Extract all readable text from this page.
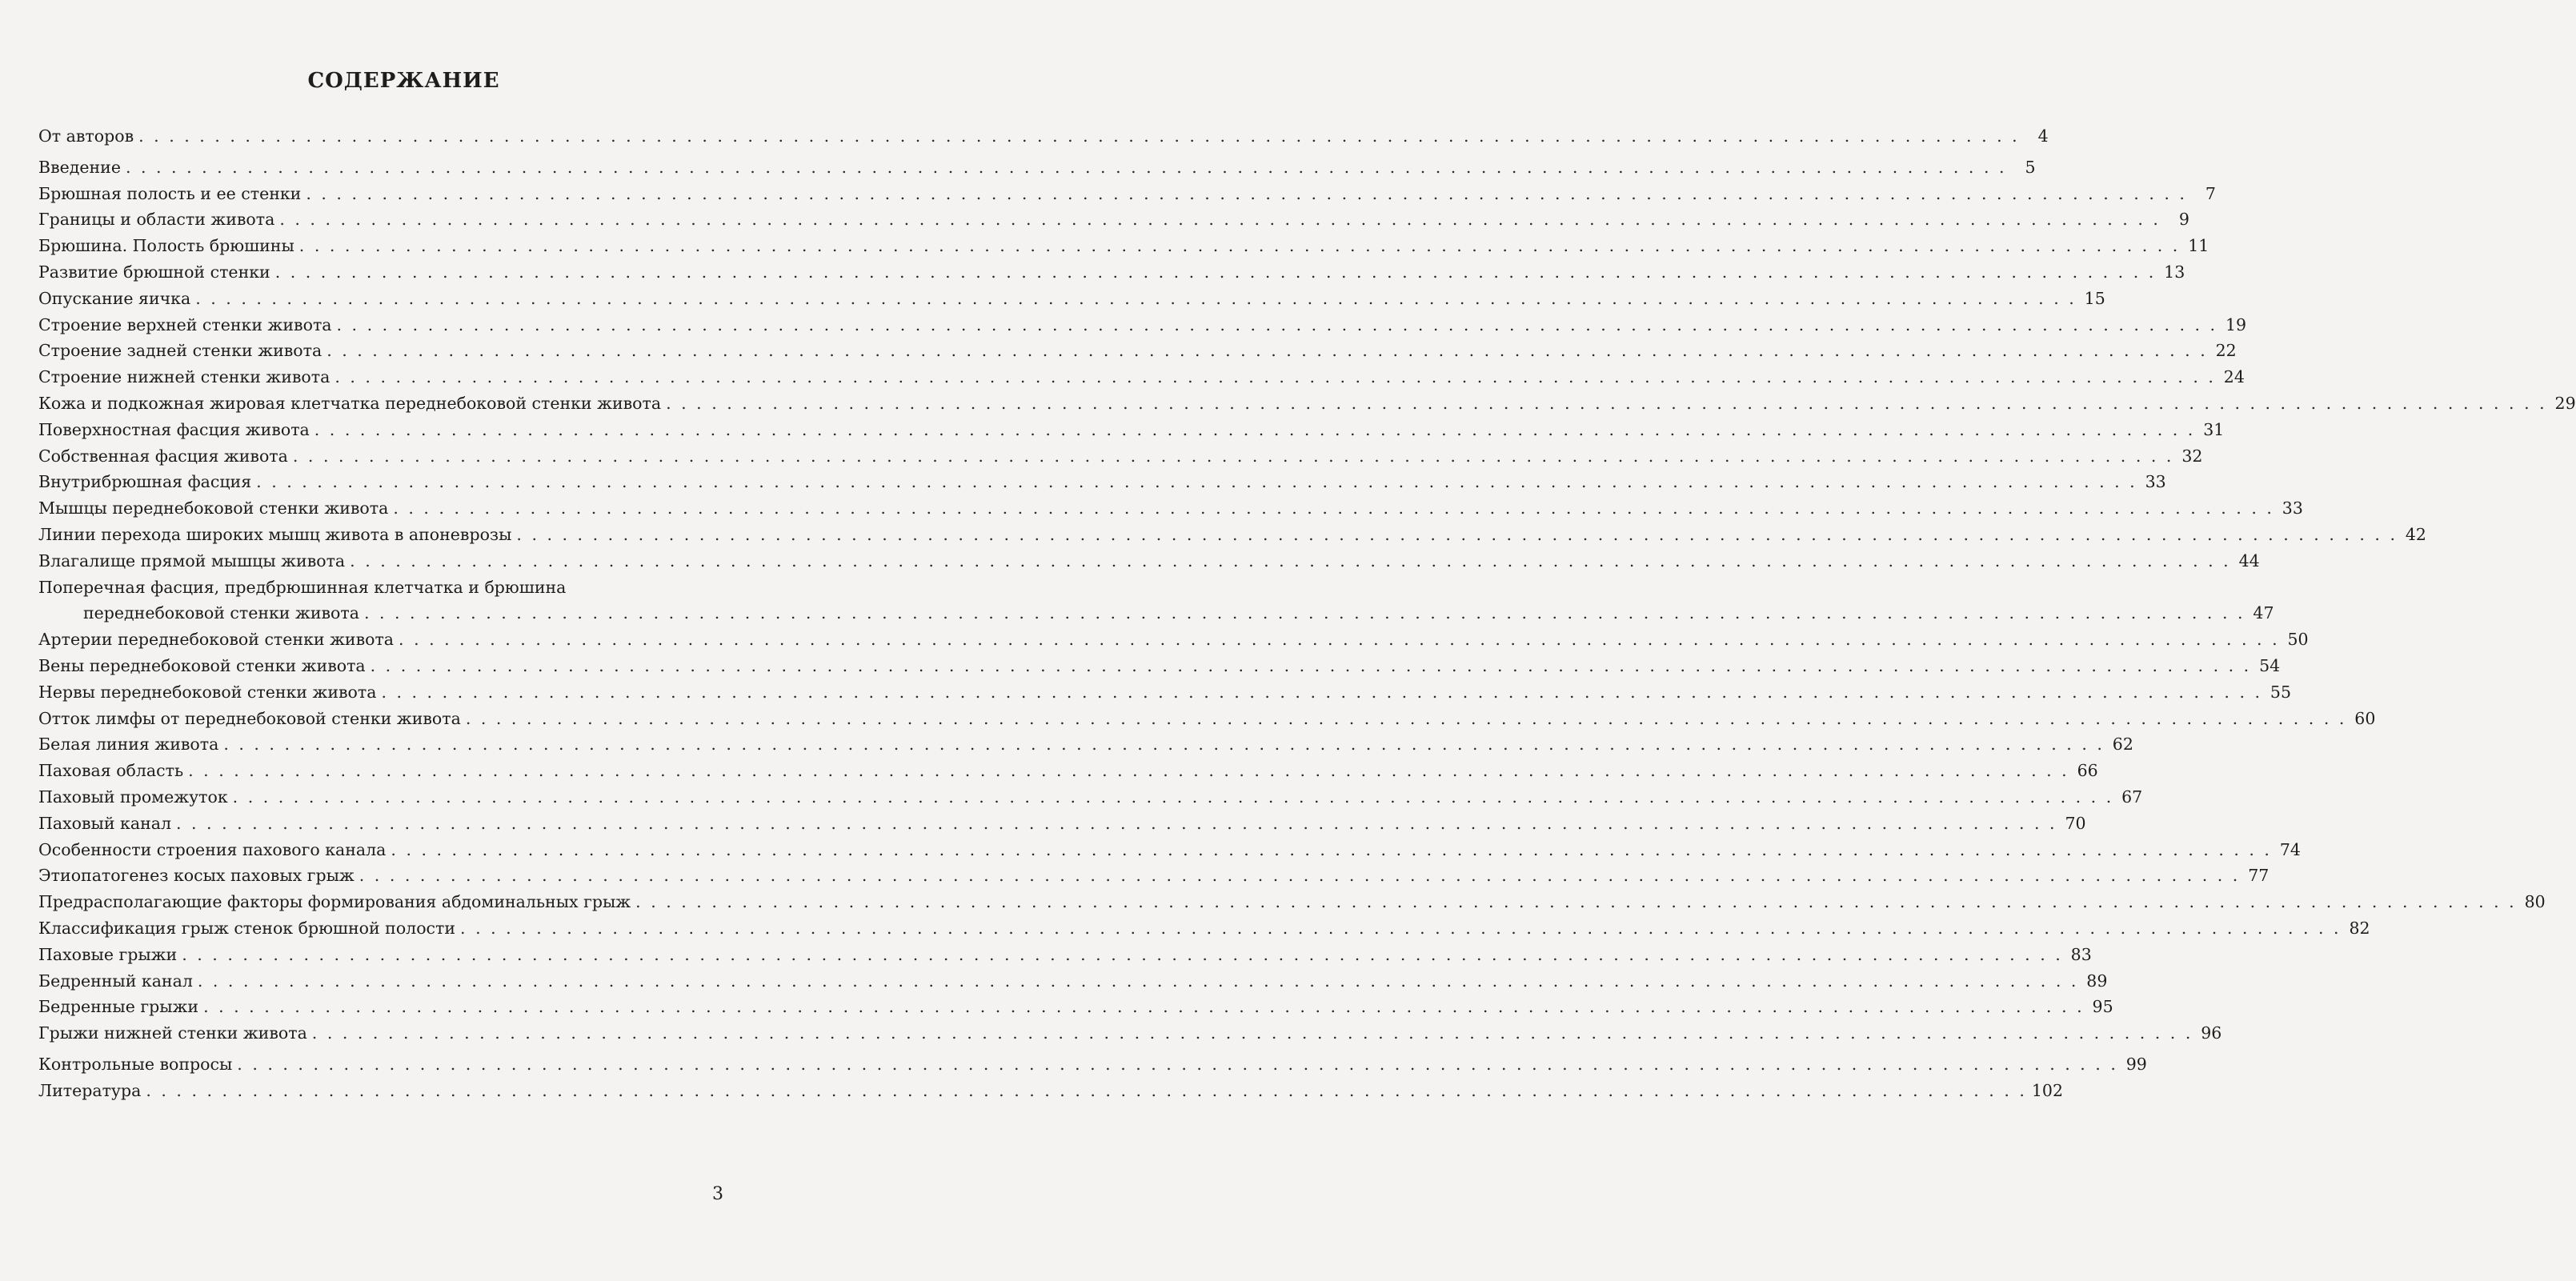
СОДЕРЖАНИЕ
От авторов . . .	4
Введение . . .	5
Брюшная полость и ее стенки . . .	7
Границы и области живота . . .	9
Брюшина. Полость брюшины . . .	11
Развитие брюшной стенки . . .	13
Опускание яичка . . .	15
Строение верхней стенки живота . . .	19
Строение задней стенки живота . . .	22
Строение нижней стенки живота . . .	24
Кожа и подкожная жировая клетчатка переднебоковой стенки живота . . .	29
Поверхностная фасция живота . . .	31
Собственная фасция живота . . .	32
Внутрибрюшная фасция . . .	33
Мышцы переднебоковой стенки живота . . .	33
Линии перехода широких мышц живота в апоневрозы . . .	42
Влагалище прямой мышцы живота . . .	44
Поперечная фасция, предбрюшинная клетчатка и брюшина
переднебоковой стенки живота . . .	47
Артерии переднебоковой стенки живота . . .	50
Вены переднебоковой стенки живота . . .	54
Нервы переднебоковой стенки живота . . .	55
Отток лимфы от переднебоковой стенки живота . . .	60
Белая линия живота . . .	62
Паховая область . . .	66
Паховый промежуток . . .	67
Паховый канал . . .	70
Особенности строения пахового канала . . .	74
Этиопатогенез косых паховых грыж . . .	77
Предрасполагающие факторы формирования абдоминальных грыж . . .	80
Классификация грыж стенок брюшной полости . . .	82
Паховые грыжи . . .	83
Бедренный канал . . .	89
Бедренные грыжи . . .	95
Грыжи нижней стенки живота . . .	96
Контрольные вопросы . . .	99
Литература . . .	102

3
